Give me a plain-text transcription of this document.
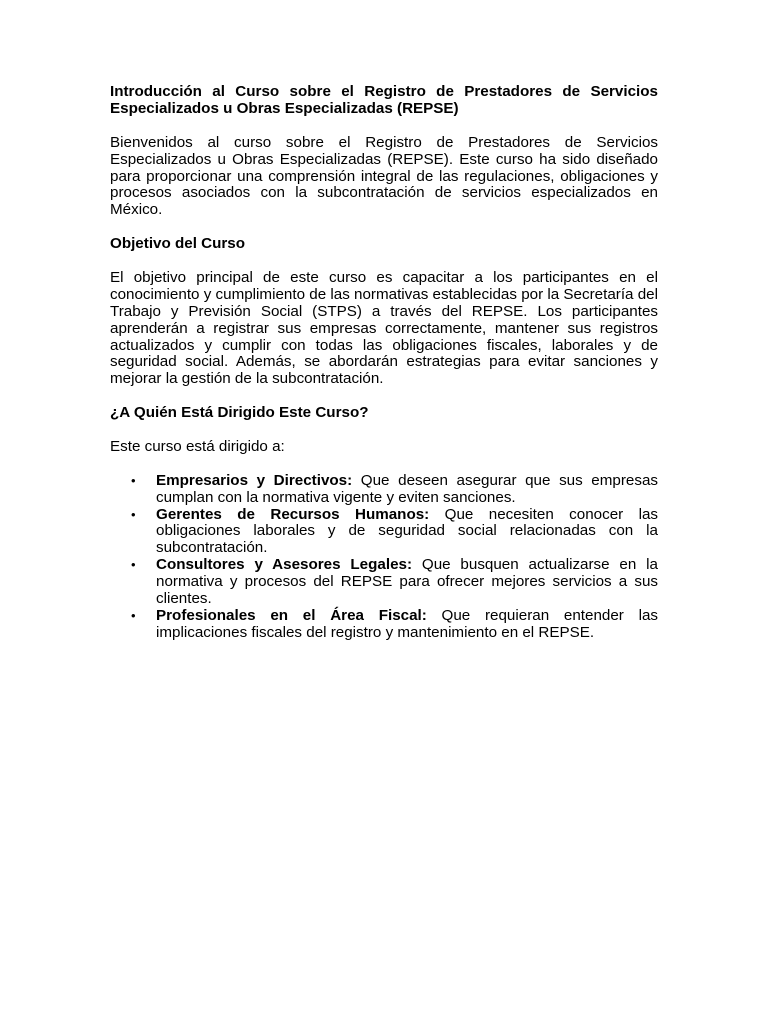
Introducción al Curso sobre el Registro de Prestadores de Servicios Especializados u Obras Especializadas (REPSE)

Bienvenidos al curso sobre el Registro de Prestadores de Servicios Especializados u Obras Especializadas (REPSE). Este curso ha sido diseñado para proporcionar una comprensión integral de las regulaciones, obligaciones y procesos asociados con la subcontratación de servicios especializados en México.

Objetivo del Curso

El objetivo principal de este curso es capacitar a los participantes en el conocimiento y cumplimiento de las normativas establecidas por la Secretaría del Trabajo y Previsión Social (STPS) a través del REPSE. Los participantes aprenderán a registrar sus empresas correctamente, mantener sus registros actualizados y cumplir con todas las obligaciones fiscales, laborales y de seguridad social. Además, se abordarán estrategias para evitar sanciones y mejorar la gestión de la subcontratación.

¿A Quién Está Dirigido Este Curso?

Este curso está dirigido a:

• Empresarios y Directivos: Que deseen asegurar que sus empresas cumplan con la normativa vigente y eviten sanciones.
• Gerentes de Recursos Humanos: Que necesiten conocer las obligaciones laborales y de seguridad social relacionadas con la subcontratación.
• Consultores y Asesores Legales: Que busquen actualizarse en la normativa y procesos del REPSE para ofrecer mejores servicios a sus clientes.
• Profesionales en el Área Fiscal: Que requieran entender las implicaciones fiscales del registro y mantenimiento en el REPSE.
